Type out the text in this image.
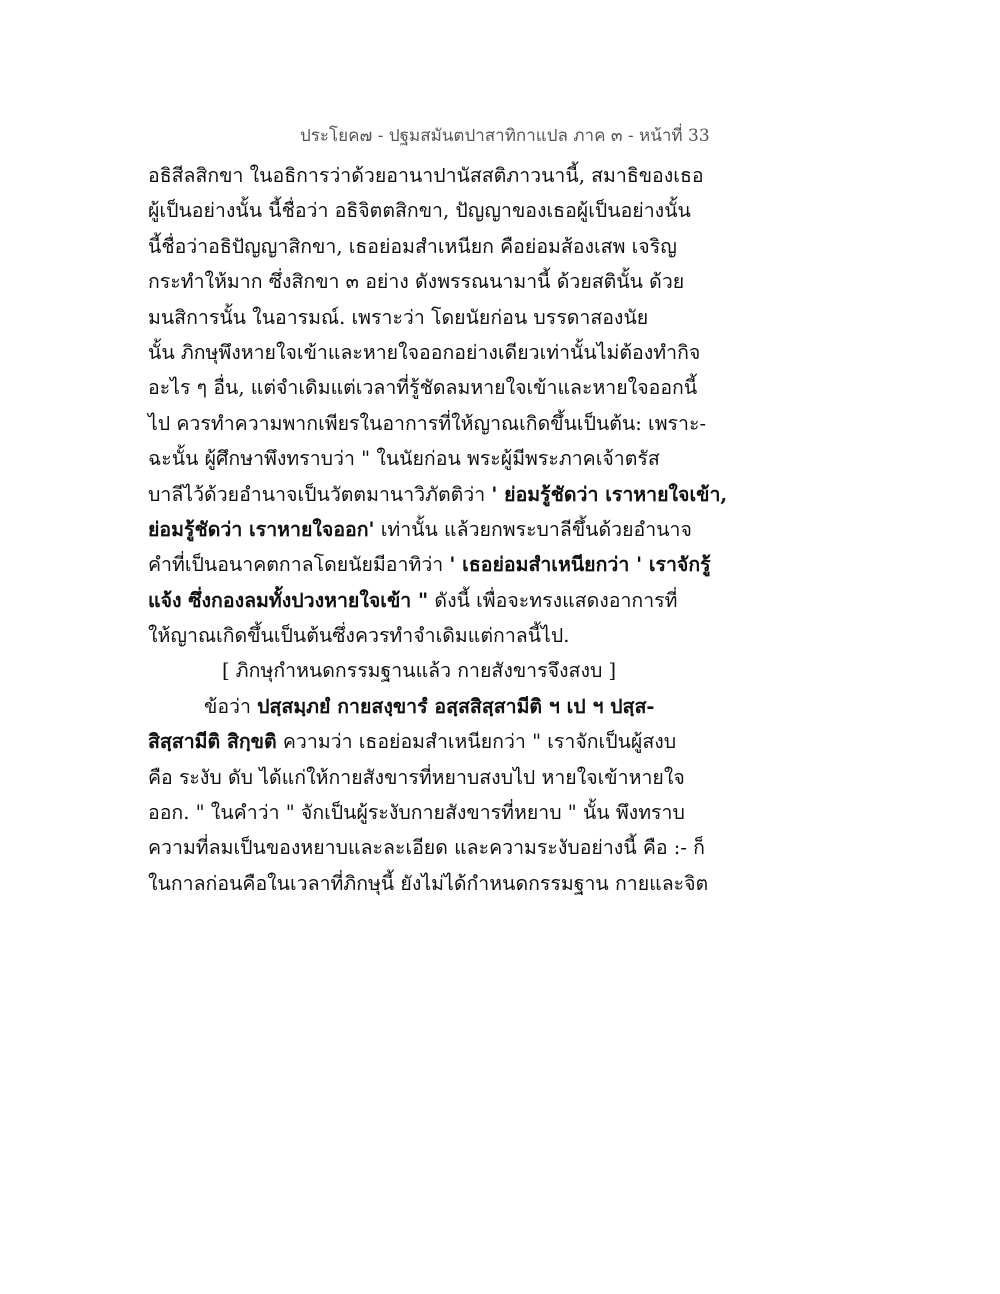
ประโยค๗ - ปฐมสมันตปาสาทิกาแปล ภาค ๓ - หน้าที่ 33
อธิสีลสิกขา ในอธิการว่าด้วยอานาปานัสสติภาวนานี้, สมาธิของเธอ
ผู้เป็นอย่างนั้น นี้ชื่อว่า อธิจิตตสิกขา, ปัญญาของเธอผู้เป็นอย่างนั้น
นี้ชื่อว่าอธิปัญญาสิกขา, เธอย่อมสำเหนียก คือย่อมส้องเสพ เจริญ
กระทำให้มาก ซึ่งสิกขา ๓ อย่าง ดังพรรณนามานี้ ด้วยสตินั้น ด้วย
มนสิการนั้น ในอารมณ์. เพราะว่า โดยนัยก่อน บรรดาสองนัย
นั้น ภิกษุพึงหายใจเข้าและหายใจออกอย่างเดียวเท่านั้นไม่ต้องทำกิจ
อะไร ๆ อื่น, แต่จำเดิมแต่เวลาที่รู้ชัดลมหายใจเข้าและหายใจออกนี้
ไป ควรทำความพากเพียรในอาการที่ให้ญาณเกิดขึ้นเป็นต้น: เพราะ-
ฉะนั้น ผู้ศึกษาพึงทราบว่า " ในนัยก่อน พระผู้มีพระภาคเจ้าตรัส
บาลีไว้ด้วยอำนาจเป็นวัตตมานาวิภัตติว่า ' ย่อมรู้ชัดว่า เราหายใจเข้า,
ย่อมรู้ชัดว่า เราหายใจออก' เท่านั้น แล้วยกพระบาลีขึ้นด้วยอำนาจ
คำที่เป็นอนาคตกาลโดยนัยมีอาทิว่า ' เธอย่อมสำเหนียกว่า ' เราจักรู้
แจ้ง ซึ่งกองลมทั้งปวงหายใจเข้า " ดังนี้ เพื่อจะทรงแสดงอาการที่
ให้ญาณเกิดขึ้นเป็นต้นซึ่งควรทำจำเดิมแต่กาลนี้ไป.
[ ภิกษุกำหนดกรรมฐานแล้ว กายสังขารจึงสงบ ]
ข้อว่า ปสฺสมฺภยํ กายสงฺขารํ อสฺสสิสฺสามีติ ฯ เป ฯ ปสฺส-
สิสฺสามีติ สิกฺขติ ความว่า เธอย่อมสำเหนียกว่า " เราจักเป็นผู้สงบ
คือ ระงับ ดับ ได้แก่ให้กายสังขารที่หยาบสงบไป หายใจเข้าหายใจ
ออก. " ในคำว่า " จักเป็นผู้ระงับกายสังขารที่หยาบ " นั้น พึงทราบ
ความที่ลมเป็นของหยาบและละเอียด และความระงับอย่างนี้ คือ :- ก็
ในกาลก่อนคือในเวลาที่ภิกษุนี้ ยังไม่ได้กำหนดกรรมฐาน กายและจิต
